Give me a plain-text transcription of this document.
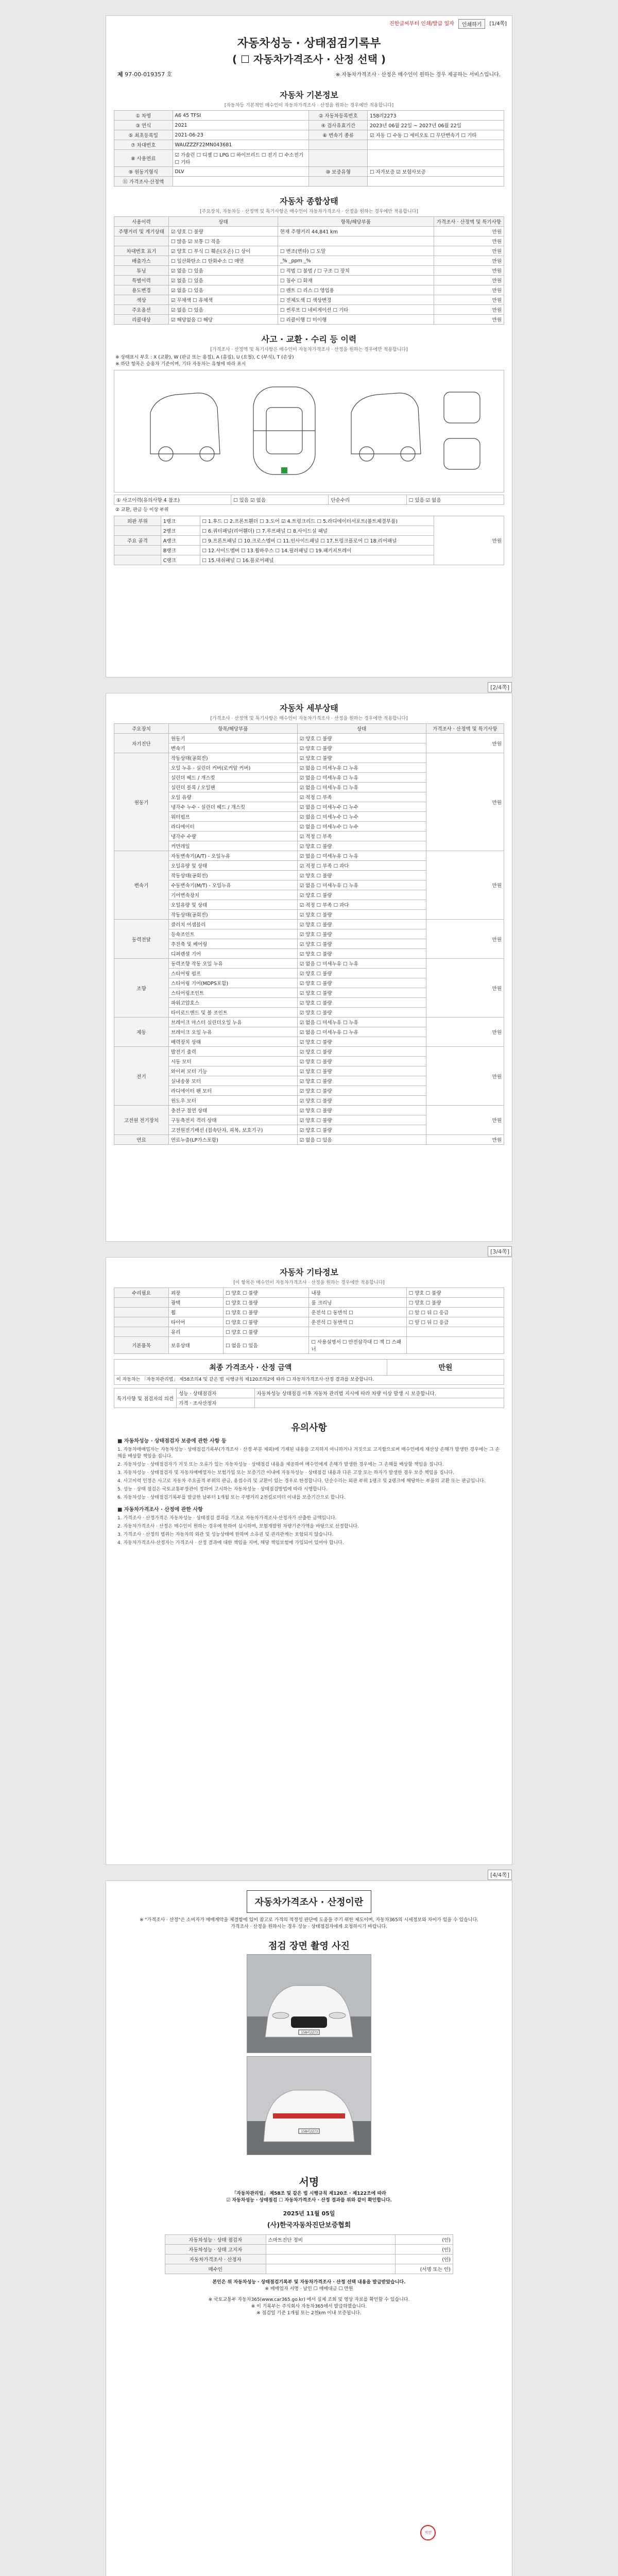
진한글씨부터 인쇄/발급 일자	인쇄하기	[1/4쪽]
자동차성능 · 상태점검기록부
( ☐ 자동차가격조사 · 산정 선택 )
제 97-00-019357 호	※ 자동차가격조사 · 산정은 매수인이 원하는 경우 제공하는 서비스입니다.
자동차 기본정보
[자동차등 기본적인 매수인이 자동차가격조사 · 산정을 원하는 경우에만 적용합니다]
① 차명	A6 45 TFSI	② 자동차등록번호	158러2273
③ 연식	2021	④ 검사유효기간	2023년 06월 22일 ~ 2027년 06월 22일
⑤ 최초등록일	2021-06-23	⑥ 변속기 종류	☑ 자동 ☐ 수동 ☐ 세미오토 ☐ 무단변속기 ☐ 기타
⑦ 차대번호	WAUZZZF22MN043681		
⑧ 사용연료	☑ 가솔린 ☐ 디젤 ☐ LPG ☐ 하이브리드 ☐ 전기 ☐ 수소전기 ☐ 기타		
⑨ 원동기형식	DLV	⑩ 보증유형	☐ 자가보증 ☑ 보험사보증
⑪ 가격조사·산정액			
자동차 종합상태
[주요장치, 자동차등 · 산정액 및 특기사항은 매수인이 자동차가격조사 · 산정을 원하는 경우에만 적용합니다]
사용이력	상태	항목/해당부품	가격조사 · 산정액 및 특기사항
주행거리 및 계기상태	☑ 양호 ☐ 불량	현재 주행거리 44,841 km	만원
	☐ 많음 ☑ 보통 ☐ 적음		만원
차대번호 표기	☑ 양호 ☐ 부식 ☐ 훼손(오손) ☐ 상이	☐ 변조(변타) ☐ 도말	만원
배출가스	☐ 일산화탄소 ☐ 탄화수소 ☐ 매연	_% _ppm _%	만원
튜닝	☑ 없음 ☐ 있음	☐ 적법 ☐ 불법 / ☐ 구조 ☐ 장치	만원
특별이력	☑ 없음 ☐ 있음	☐ 침수 ☐ 화재	만원
용도변경	☑ 없음 ☐ 있음	☐ 렌트 ☐ 리스 ☐ 영업용	만원
색상	☑ 무채색 ☐ 유채색	☐ 전체도색 ☐ 색상변경	만원
주요옵션	☑ 없음 ☐ 있음	☐ 썬루프 ☐ 네비게이션 ☐ 기타	만원
리콜대상	☑ 해당없음 ☐ 해당	☐ 리콜이행 ☐ 미이행	만원
사고 · 교환 · 수리 등 이력
[가격조사 · 산정액 및 특기사항은 매수인이 자동차가격조사 · 산정을 원하는 경우에만 적용합니다]
※ 상태표시 부호 : X (교환), W (판금 또는 용접), A (흠집), U (요철), C (부식), T (손상)
※ 하단 항목은 승용차 기준이며, 기타 자동차는 유형에 따라 표시
① 사고이력(유의사항 4 참조)	☐ 있음 ☑ 없음	단순수리	☐ 있음 ☑ 없음
② 교환, 판금 등 이상 부위
외판 부위	1랭크	☐ 1.후드 ☐ 2.프론트휀더 ☐ 3.도어 ☑ 4.트렁크리드 ☐ 5.라디에이터서포트(볼트체결부품)	만원
	2랭크	☐ 6.쿼터패널(리어휀더) ☐ 7.루프패널 ☐ 8.사이드실 패널	
주요 골격	A랭크	☐ 9.프론트패널 ☐ 10.크로스멤버 ☐ 11.인사이드패널 ☐ 17.트렁크플로어 ☐ 18.리어패널	
	B랭크	☐ 12.사이드멤버 ☐ 13.휠하우스 ☐ 14.필러패널 ☐ 19.패키지트레이	
	C랭크	☐ 15.대쉬패널 ☐ 16.플로어패널	
[2/4쪽]
자동차 세부상태
[가격조사 · 산정액 및 특기사항은 매수인이 자동차가격조사 · 산정을 원하는 경우에만 적용합니다]
주요장치	항목/해당부품	상태	가격조사 · 산정액 및 특기사항
자기진단	원동기	☑ 양호 ☐ 불량	만원
	변속기	☑ 양호 ☐ 불량	
원동기	작동상태(공회전)	☑ 양호 ☐ 불량	만원
	오일 누유 - 실린더 커버(로커암 커버)	☑ 없음 ☐ 미세누유 ☐ 누유	
	실린더 헤드 / 개스킷	☑ 없음 ☐ 미세누유 ☐ 누유	
	실린더 블록 / 오일팬	☑ 없음 ☐ 미세누유 ☐ 누유	
	오일 유량	☑ 적정 ☐ 부족	
	냉각수 누수 - 실린더 헤드 / 개스킷	☑ 없음 ☐ 미세누수 ☐ 누수	
	워터펌프	☑ 없음 ☐ 미세누수 ☐ 누수	
	라디에이터	☑ 없음 ☐ 미세누수 ☐ 누수	
	냉각수 수량	☑ 적정 ☐ 부족	
	커먼레일	☑ 양호 ☐ 불량	
변속기	자동변속기(A/T) - 오일누유	☑ 없음 ☐ 미세누유 ☐ 누유	만원
	오일유량 및 상태	☑ 적정 ☐ 부족 ☐ 과다	
	작동상태(공회전)	☑ 양호 ☐ 불량	
	수동변속기(M/T) - 오일누유	☑ 없음 ☐ 미세누유 ☐ 누유	
	기어변속장치	☑ 양호 ☐ 불량	
	오일유량 및 상태	☑ 적정 ☐ 부족 ☐ 과다	
	작동상태(공회전)	☑ 양호 ☐ 불량	
동력전달	클러치 어셈블리	☑ 양호 ☐ 불량	만원
	등속조인트	☑ 양호 ☐ 불량	
	추진축 및 베어링	☑ 양호 ☐ 불량	
	디퍼렌셜 기어	☑ 양호 ☐ 불량	
조향	동력조향 작동 오일 누유	☑ 없음 ☐ 미세누유 ☐ 누유	만원
	스티어링 펌프	☑ 양호 ☐ 불량	
	스티어링 기어(MDPS포함)	☑ 양호 ☐ 불량	
	스티어링조인트	☑ 양호 ☐ 불량	
	파워고압호스	☑ 양호 ☐ 불량	
	타이로드엔드 및 볼 조인트	☑ 양호 ☐ 불량	
제동	브레이크 마스터 실린더오일 누유	☑ 없음 ☐ 미세누유 ☐ 누유	만원
	브레이크 오일 누유	☑ 없음 ☐ 미세누유 ☐ 누유	
	배력장치 상태	☑ 양호 ☐ 불량	
전기	발전기 출력	☑ 양호 ☐ 불량	만원
	시동 모터	☑ 양호 ☐ 불량	
	와이퍼 모터 기능	☑ 양호 ☐ 불량	
	실내송풍 모터	☑ 양호 ☐ 불량	
	라디에이터 팬 모터	☑ 양호 ☐ 불량	
	윈도우 모터	☑ 양호 ☐ 불량	
고전원 전기장치	충전구 절연 상태	☑ 양호 ☐ 불량	만원
	구동축전지 격리 상태	☑ 양호 ☐ 불량	
	고전원전기배선 (접속단자, 피복, 보호기구)	☑ 양호 ☐ 불량	
연료	연료누출(LP가스포함)	☑ 없음 ☐ 있음	만원
[3/4쪽]
자동차 기타정보
[이 항목은 매수인이 자동차가격조사 · 산정을 원하는 경우에만 적용합니다]
수리필요	외장	☐ 양호 ☐ 불량	내장	☐ 양호 ☐ 불량
	광택	☐ 양호 ☐ 불량	룸 크리닝	☐ 양호 ☐ 불량
	휠	☐ 양호 ☐ 불량	운전석 ☐ 동반석 ☐	☐ 앞 ☐ 뒤 ☐ 응급
	타이어	☐ 양호 ☐ 불량	운전석 ☐ 동반석 ☐	☐ 앞 ☐ 뒤 ☐ 응급
	유리	☐ 양호 ☐ 불량		
기본품목	보유상태	☐ 없음 ☐ 있음	☐ 사용설명서 ☐ 안전삼각대 ☐ 잭 ☐ 스패너	
최종 가격조사 · 산정 금액	만원
이 자동차는 「자동차관리법」 제58조의4 및 같은 법 시행규칙 제120조의2에 따라 ☐ 자동차가격조사·산정 결과를 보증합니다.
특기사항 및 점검자의 의견	성능 · 상태점검자	자동차성능 상태점검 이후 자동차 관리법 지시에 따라 차량 이상 발생 시 보증합니다.
	가격 · 조사산정자	
유의사항
■ 자동차성능 · 상태점검자 보증에 관한 사항 등
1. 자동차매매업자는 자동차성능 · 상태점검기록부(가격조사 · 산정 부분 제외)에 기재된 내용을 고지하지 아니하거나 거짓으로 고지함으로써 매수인에게 재산상 손해가 발생한 경우에는 그 손해를 배상할 책임을 집니다.
2. 자동차성능 · 상태점검자가 거짓 또는 오류가 있는 자동차성능 · 상태점검 내용을 제공하여 매수인에게 손해가 발생한 경우에는 그 손해를 배상할 책임을 집니다.
3. 자동차성능 · 상태점검자 및 자동차매매업자는 보험가입 또는 보증기간 이내에 자동차성능 · 상태점검 내용과 다른 고장 또는 하자가 발생한 경우 보증 책임을 집니다.
4. 사고이력 인정은 사고로 자동차 주요골격 부위의 판금, 용접수리 및 교환이 있는 경우로 한정합니다. 단순수리는 외판 부위 1랭크 및 2랭크에 해당하는 부품의 교환 또는 판금입니다.
5. 성능 · 상태 점검은 국토교통부장관이 정하여 고시하는 자동차성능 · 상태점검방법에 따라 시행합니다.
6. 자동차성능 · 상태점검기록부를 발급한 날부터 1개월 또는 주행거리 2천킬로미터 이내를 보증기간으로 합니다.
■ 자동차가격조사 · 산정에 관한 사항
1. 가격조사 · 산정가격은 자동차성능 · 상태점검 결과를 기초로 자동차가격조사·산정자가 산출한 금액입니다.
2. 자동차가격조사 · 산정은 매수인이 원하는 경우에 한하여 실시하며, 보험개발원 차량기준가액을 바탕으로 산정합니다.
3. 가격조사 · 산정의 범위는 자동차의 외관 및 성능상태에 한하며 소유권 및 권리관계는 포함되지 않습니다.
4. 자동차가격조사·산정자는 가격조사 · 산정 결과에 대한 책임을 지며, 해당 책임보험에 가입되어 있어야 합니다.
[4/4쪽]
자동차가격조사 · 산정이란
※ "가격조사 · 산정"은 소비자가 매매계약을 체결함에 있어 참고로 가격의 적정성 판단에 도움을 주기 위한 제도이며, 자동차365의 시세정보와 차이가 있을 수 있습니다. 가격조사 · 산정을 원하시는 경우 성능 · 상태점검자에게 요청하시기 바랍니다.
점검 장면 촬영 사진
158러2273
158러2273
서명
「자동차관리법」 제58조 및 같은 법 시행규칙 제120조 · 제122조에 따라
☑ 자동차성능 · 상태점검 ☐ 자동차가격조사 · 산정 결과를 위와 같이 확인합니다.
2025년 11월 05일
(사)한국자동차진단보증협회
자동차성능 · 상태 점검자	스마트진단 정비	(인)
자동차성능 · 상태 고지자		(인)
자동차가격조사 · 산정자		(인)
매수인		(서명 또는 인)
직인
본인은 위 자동차성능 · 상태점검기록부 및 자동차가격조사 · 산정 선택 내용을 발급받았습니다.
※ 매매업자 서명 · 날인 ☐ 매매대금 ☐ 만원
※ 국토교통부 자동차365(www.car365.go.kr) 에서 실제 조회 및 영상 자료를 확인할 수 있습니다.
※ 이 기록부는 주식회사 자동차365에서 발급하였습니다.
※ 점검일 기준 1개월 또는 2천km 이내 보증됩니다.
